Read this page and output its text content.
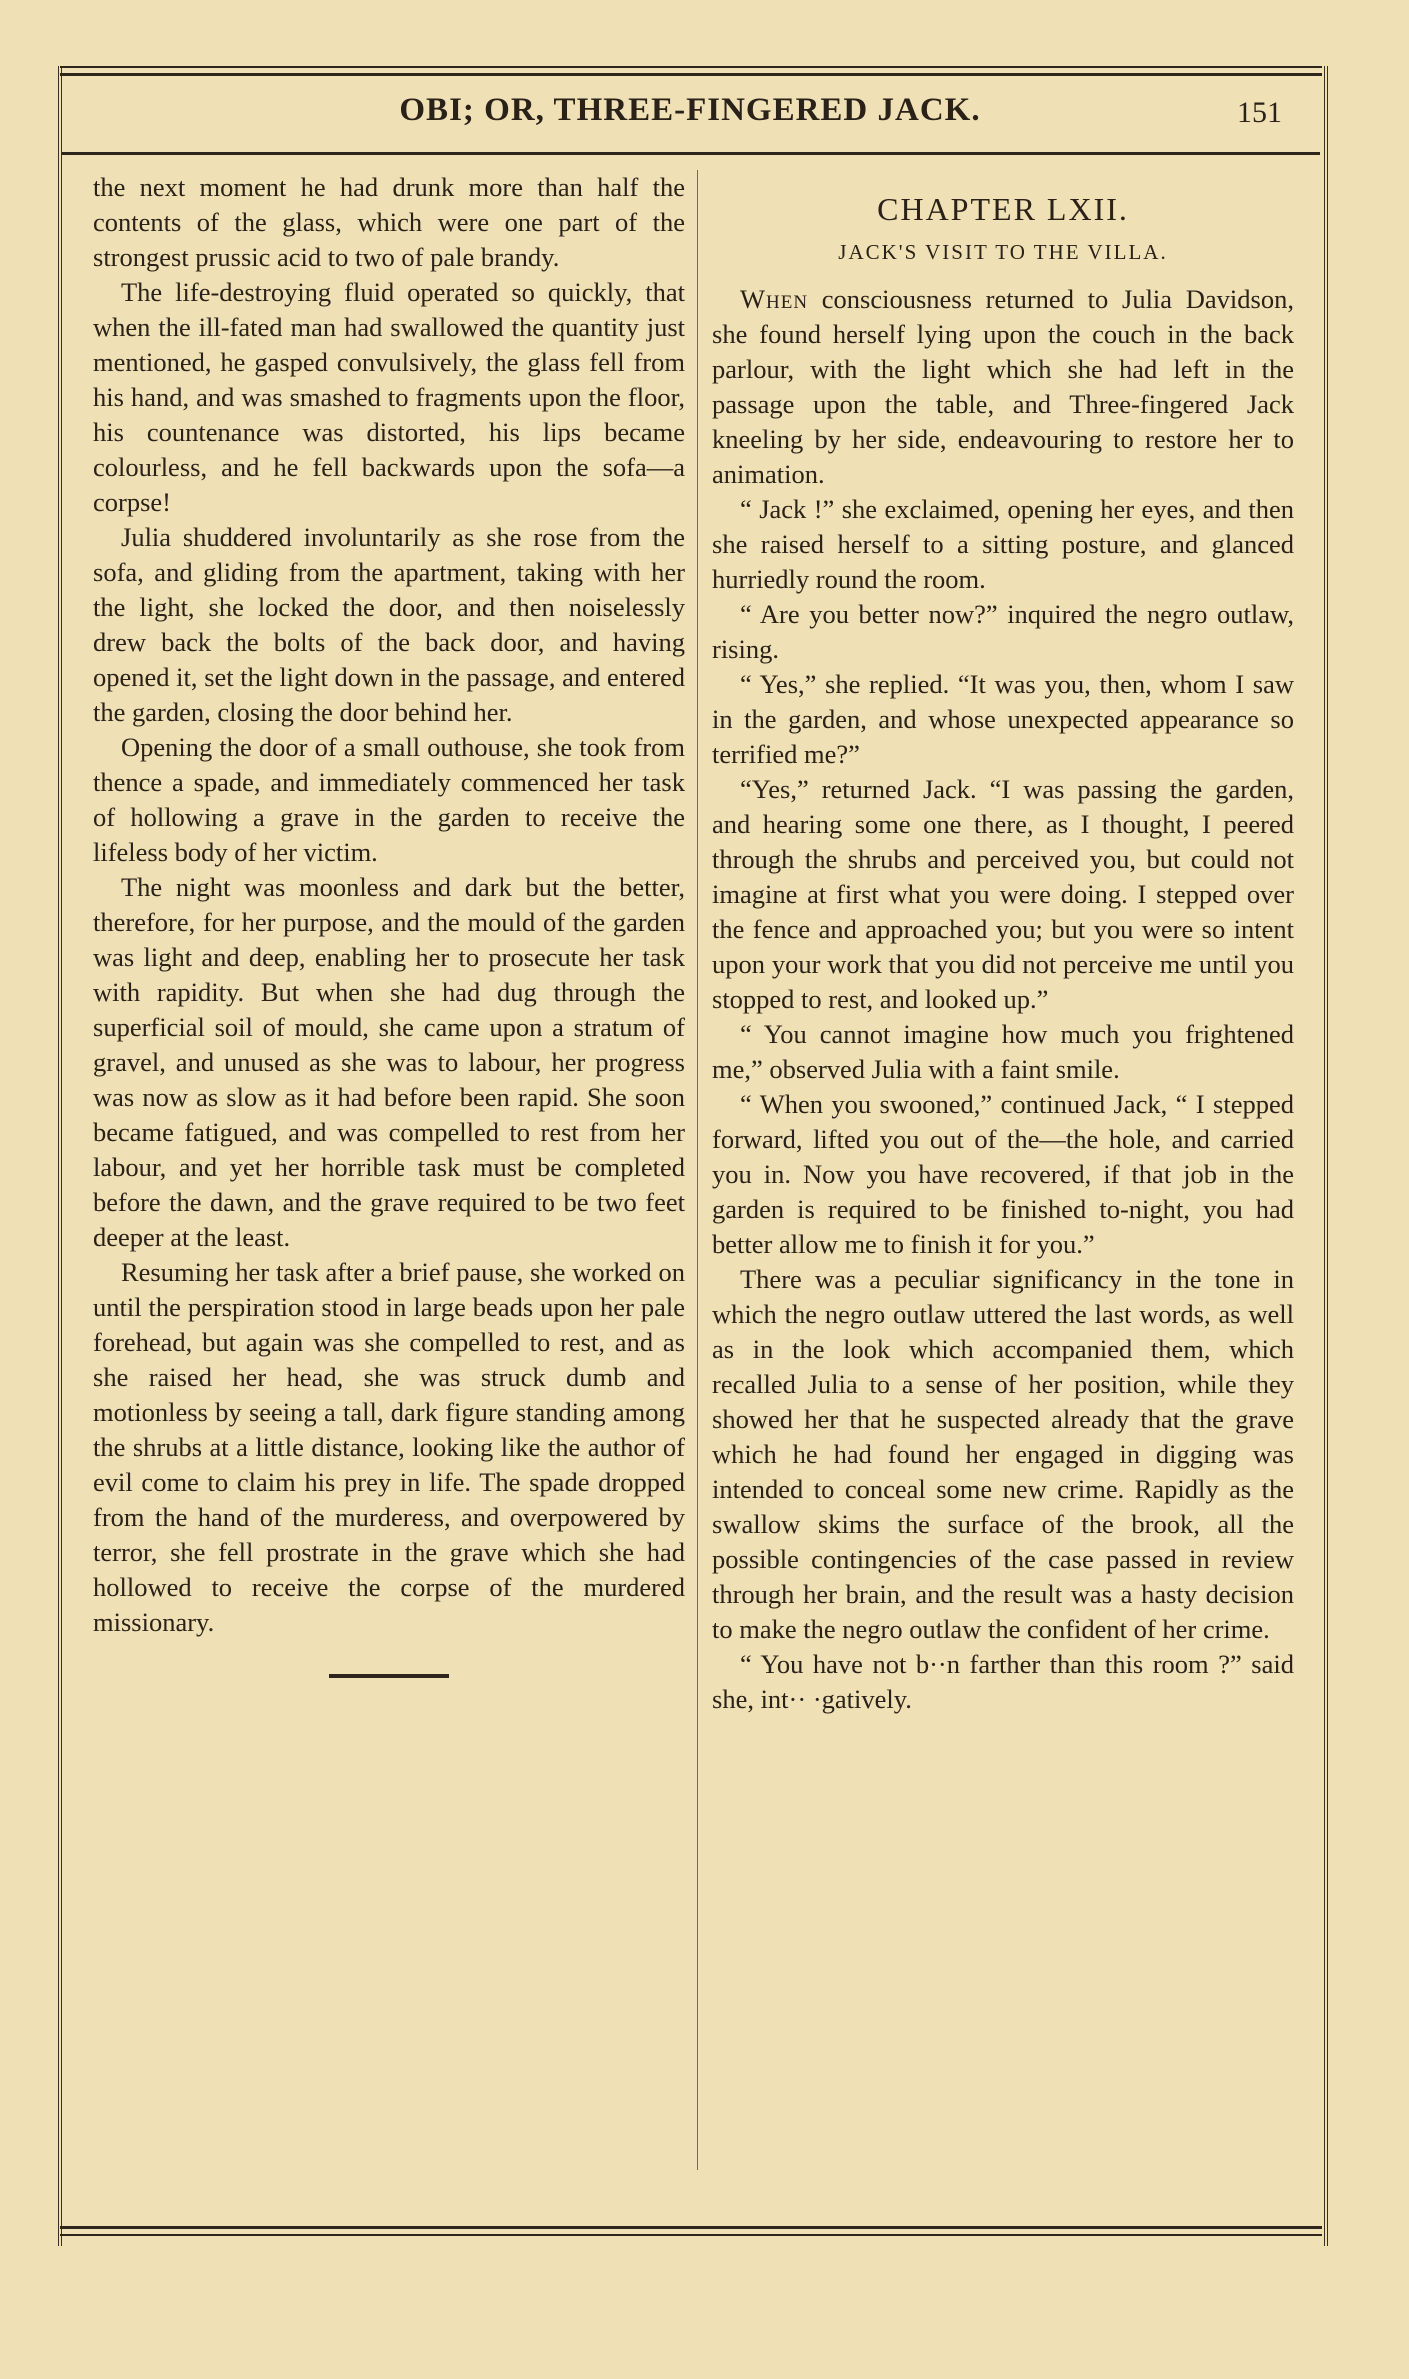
OBI; OR, THREE-FINGERED JACK.	151

the next moment he had drunk more than half the contents of the glass, which were one part of the strongest prussic acid to two of pale brandy.

The life-destroying fluid operated so quickly, that when the ill-fated man had swallowed the quantity just mentioned, he gasped convulsively, the glass fell from his hand, and was smashed to fragments upon the floor, his countenance was distorted, his lips became colourless, and he fell backwards upon the sofa—a corpse!

Julia shuddered involuntarily as she rose from the sofa, and gliding from the apartment, taking with her the light, she locked the door, and then noiselessly drew back the bolts of the back door, and having opened it, set the light down in the passage, and entered the garden, closing the door behind her.

Opening the door of a small outhouse, she took from thence a spade, and immediately commenced her task of hollowing a grave in the garden to receive the lifeless body of her victim.

The night was moonless and dark but the better, therefore, for her purpose, and the mould of the garden was light and deep, enabling her to prosecute her task with rapidity. But when she had dug through the superficial soil of mould, she came upon a stratum of gravel, and unused as she was to labour, her progress was now as slow as it had before been rapid. She soon became fatigued, and was compelled to rest from her labour, and yet her horrible task must be completed before the dawn, and the grave required to be two feet deeper at the least.

Resuming her task after a brief pause, she worked on until the perspiration stood in large beads upon her pale forehead, but again was she compelled to rest, and as she raised her head, she was struck dumb and motionless by seeing a tall, dark figure standing among the shrubs at a little distance, looking like the author of evil come to claim his prey in life. The spade dropped from the hand of the murderess, and overpowered by terror, she fell prostrate in the grave which she had hollowed to receive the corpse of the murdered missionary.

CHAPTER LXII.
JACK'S VISIT TO THE VILLA.

When consciousness returned to Julia Davidson, she found herself lying upon the couch in the back parlour, with the light which she had left in the passage upon the table, and Three-fingered Jack kneeling by her side, endeavouring to restore her to animation.

“ Jack !” she exclaimed, opening her eyes, and then she raised herself to a sitting posture, and glanced hurriedly round the room.

“ Are you better now?” inquired the negro outlaw, rising.

“ Yes,” she replied. “It was you, then, whom I saw in the garden, and whose unexpected appearance so terrified me?”

“Yes,” returned Jack. “I was passing the garden, and hearing some one there, as I thought, I peered through the shrubs and perceived you, but could not imagine at first what you were doing. I stepped over the fence and approached you; but you were so intent upon your work that you did not perceive me until you stopped to rest, and looked up.”

“ You cannot imagine how much you frightened me,” observed Julia with a faint smile.

“ When you swooned,” continued Jack, “ I stepped forward, lifted you out of the—the hole, and carried you in. Now you have recovered, if that job in the garden is required to be finished to-night, you had better allow me to finish it for you.”

There was a peculiar significancy in the tone in which the negro outlaw uttered the last words, as well as in the look which accompanied them, which recalled Julia to a sense of her position, while they showed her that he suspected already that the grave which he had found her engaged in digging was intended to conceal some new crime. Rapidly as the swallow skims the surface of the brook, all the possible contingencies of the case passed in review through her brain, and the result was a hasty decision to make the negro outlaw the confident of her crime.

“ You have not b··n farther than this room ?” said she, int·· ·gatively.
